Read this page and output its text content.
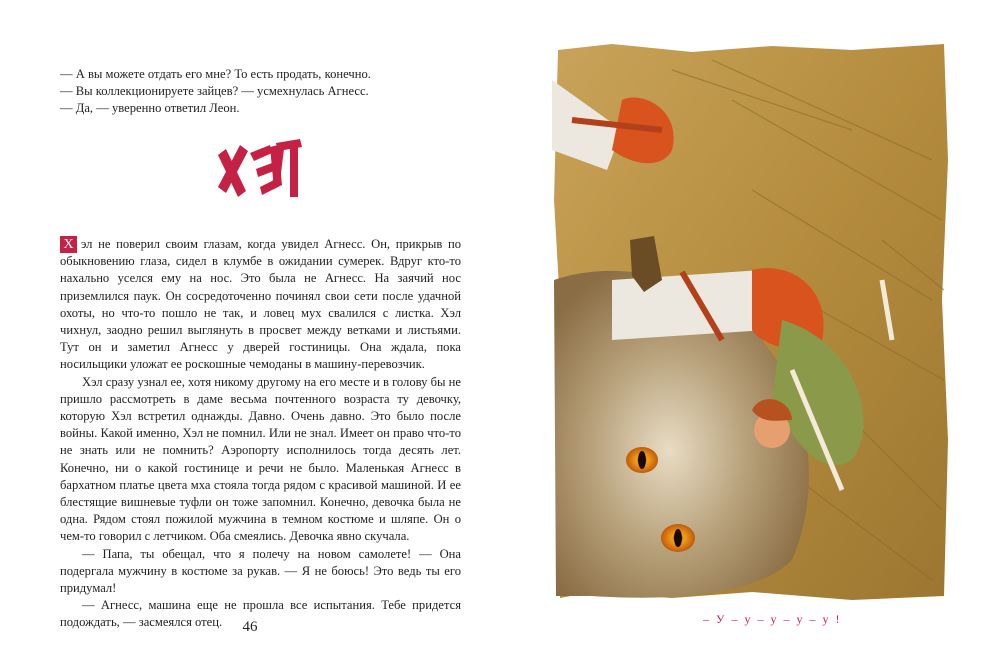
— А вы можете отдать его мне? То есть продать, конечно.

— Вы коллекционируете зайцев? — усмехнулась Агнесс.

— Да, — уверенно ответил Леон.

Х эл не поверил своим глазам, когда увидел Агнесс. Он, прикрыв по обыкновению глаза, сидел в клумбе в ожидании сумерек. Вдруг кто-то нахально уселся ему на нос. Это была не Агнесс. На заячий нос приземлился паук. Он сосредоточенно починял свои сети после удачной охоты, но что-то пошло не так, и ловец мух свалился с листка. Хэл чихнул, заодно решил выглянуть в просвет между ветками и листьями. Тут он и заметил Агнесс у дверей гостиницы. Она ждала, пока носильщики уложат ее роскошные чемоданы в машину-перевозчик.

Хэл сразу узнал ее, хотя никому другому на его месте и в голову бы не пришло рассмотреть в даме весьма почтенного возраста ту девочку, которую Хэл встретил однажды. Давно. Очень давно. Это было после войны. Какой именно, Хэл не помнил. Или не знал. Имеет он право что-то не знать или не помнить? Аэропорту исполнилось тогда десять лет. Конечно, ни о какой гостинице и речи не было. Маленькая Агнесс в бархатном платье цвета мха стояла тогда рядом с красивой машиной. И ее блестящие вишневые туфли он тоже запомнил. Конечно, девочка была не одна. Рядом стоял пожилой мужчина в темном костюме и шляпе. Он о чем-то говорил с летчиком. Оба смеялись. Девочка явно скучала.

— Папа, ты обещал, что я полечу на новом самолете! — Она подергала мужчину в костюме за рукав. — Я не боюсь! Это ведь ты его придумал!

— Агнесс, машина еще не прошла все испытания. Тебе придется подождать, — засмеялся отец.	46	– У – у – у – у – у !
